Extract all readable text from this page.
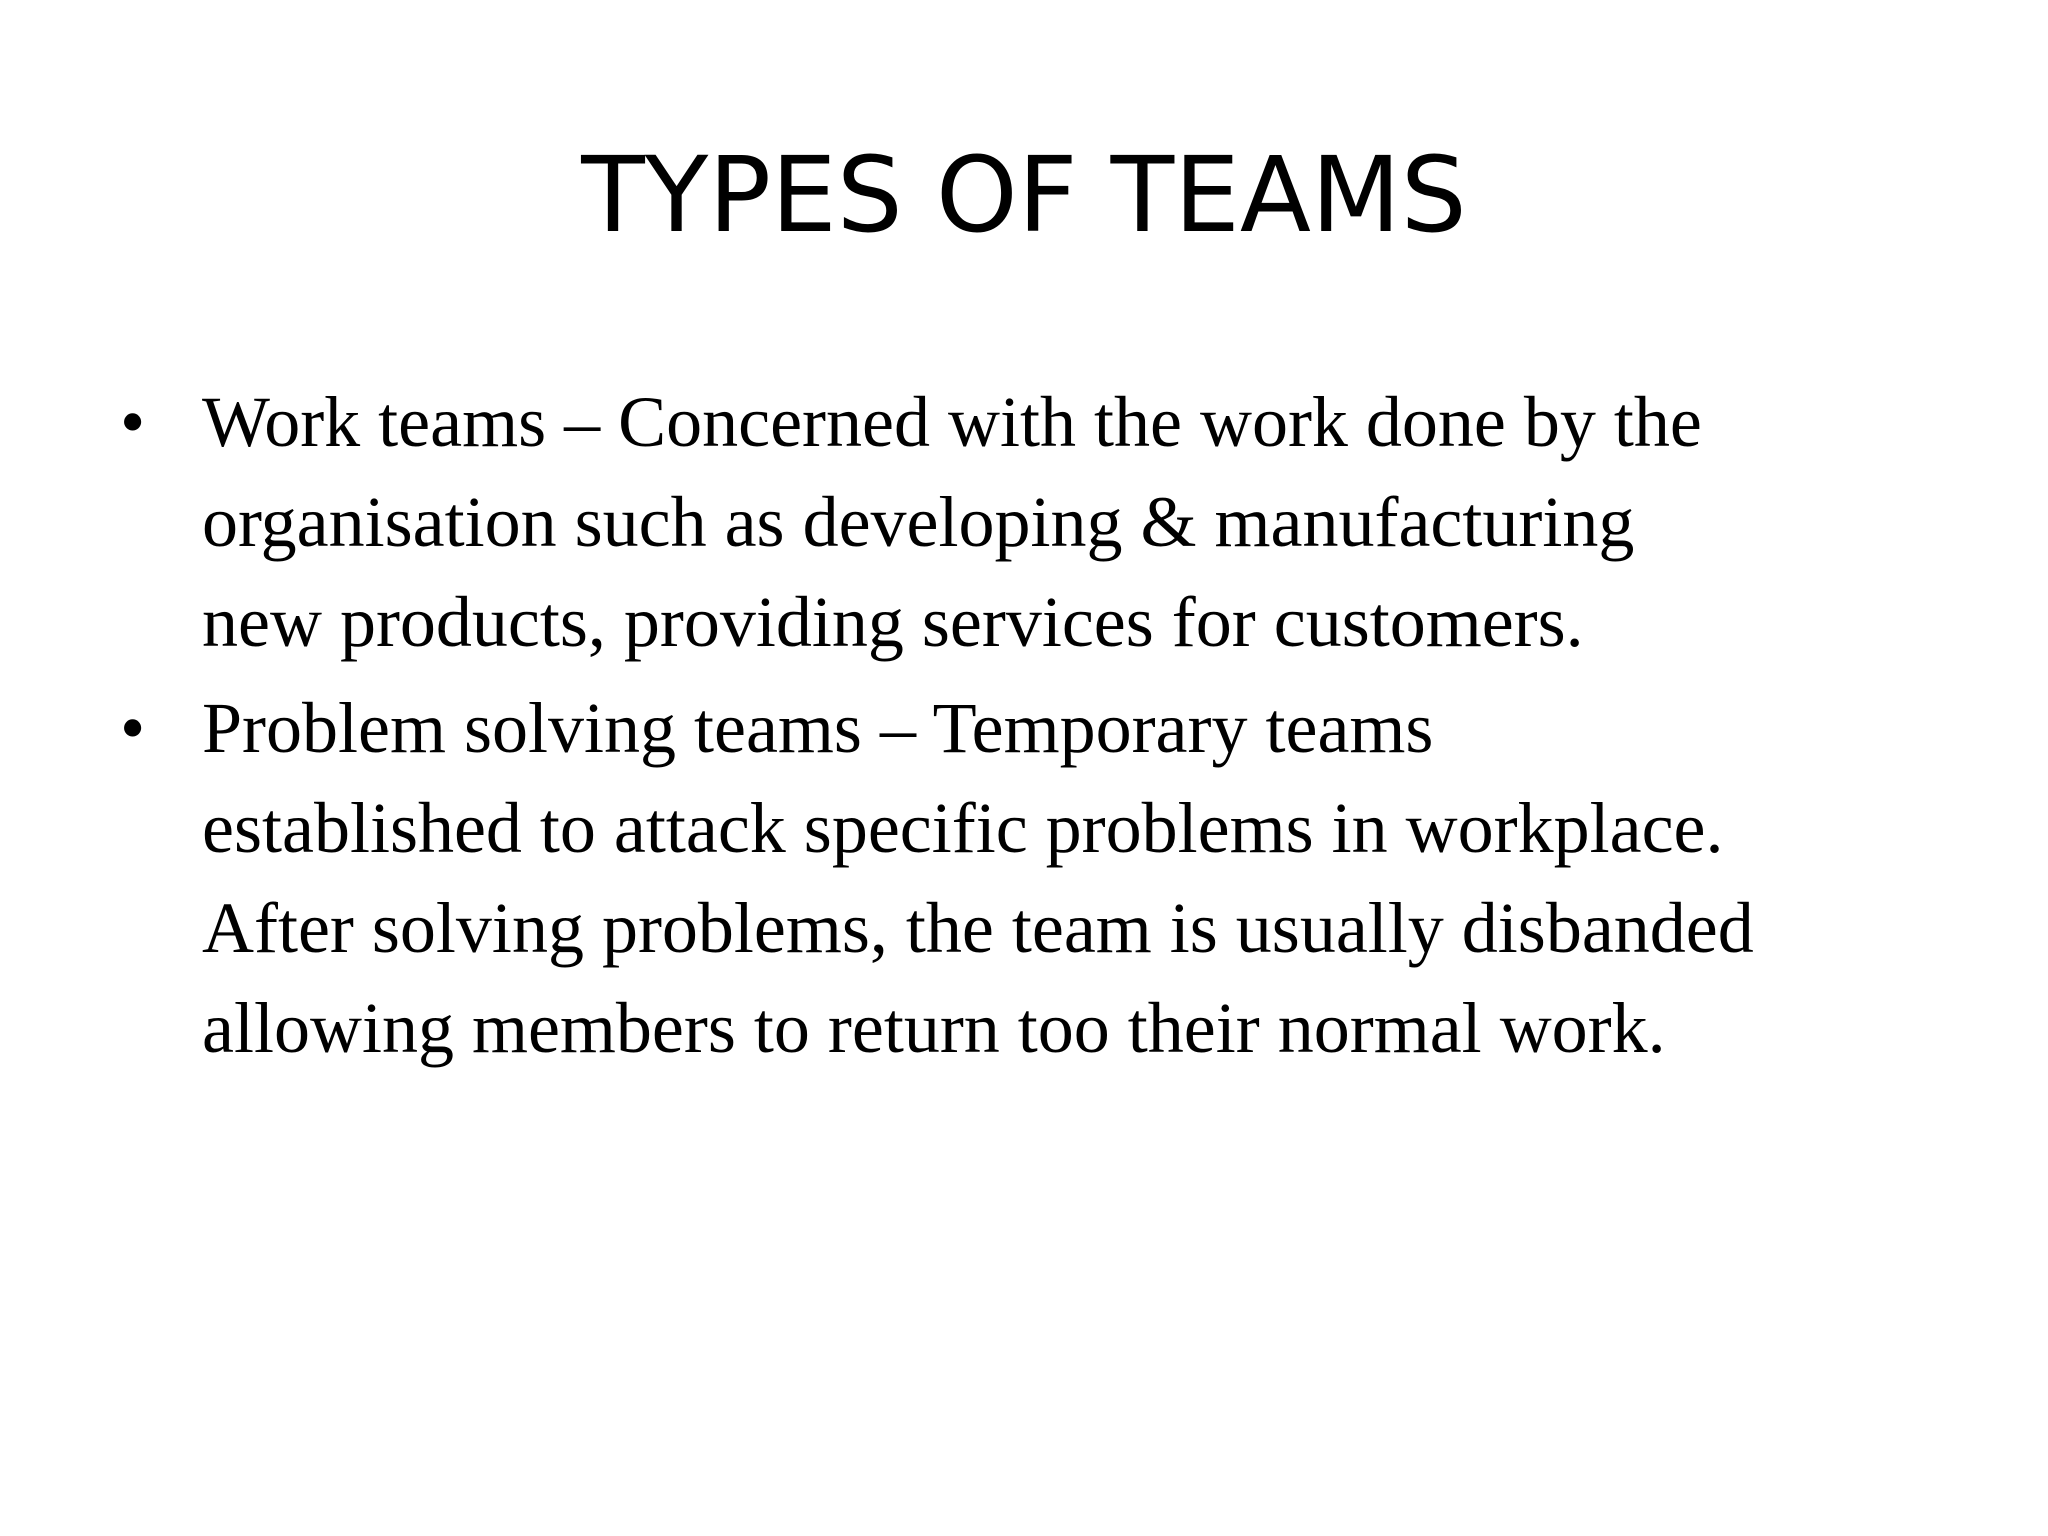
TYPES OF TEAMS
• Work teams – Concerned with the work done by the
organisation such as developing & manufacturing
new products, providing services for customers.
• Problem solving teams – Temporary teams
established to attack specific problems in workplace.
After solving problems, the team is usually disbanded
allowing members to return too their normal work.
